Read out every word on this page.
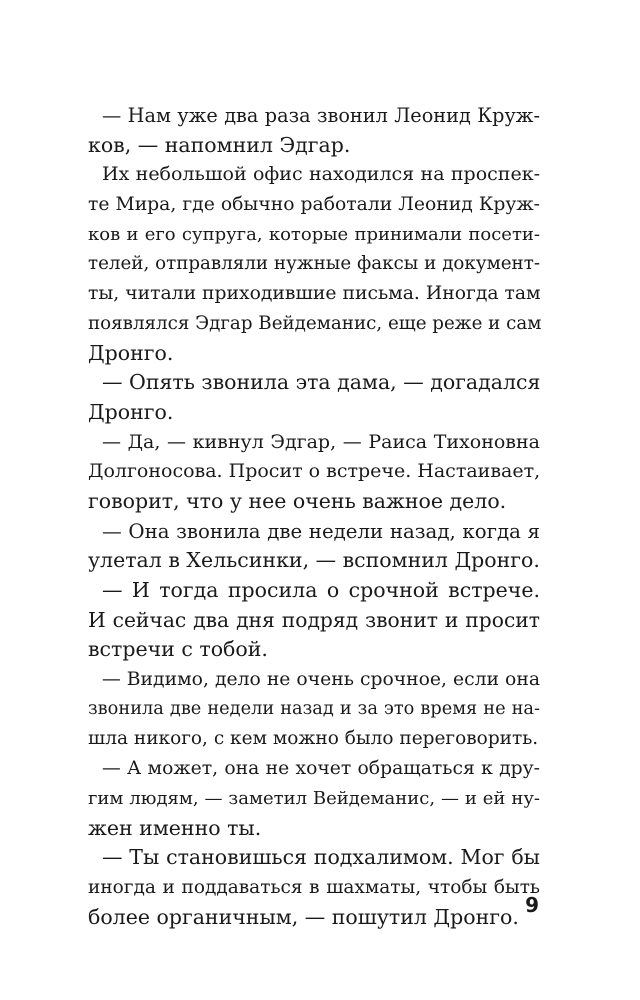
— Нам уже два раза звонил Леонид Круж-
ков, — напомнил Эдгар.
Их небольшой офис находился на проспек-
те Мира, где обычно работали Леонид Круж-
ков и его супруга, которые принимали посети-
телей, отправляли нужные факсы и документ-
ты, читали приходившие письма. Иногда там
появлялся Эдгар Вейдеманис, еще реже и сам
Дронго.
— Опять звонила эта дама, — догадался
Дронго.
— Да, — кивнул Эдгар, — Раиса Тихоновна
Долгоносова. Просит о встрече. Настаивает,
говорит, что у нее очень важное дело.
— Она звонила две недели назад, когда я
улетал в Хельсинки, — вспомнил Дронго.
— И тогда просила о срочной встрече.
И сейчас два дня подряд звонит и просит
встречи с тобой.
— Видимо, дело не очень срочное, если она
звонила две недели назад и за это время не на-
шла никого, с кем можно было переговорить.
— А может, она не хочет обращаться к дру-
гим людям, — заметил Вейдеманис, — и ей ну-
жен именно ты.
— Ты становишься подхалимом. Мог бы
иногда и поддаваться в шахматы, чтобы быть
более органичным, — пошутил Дронго. 9
